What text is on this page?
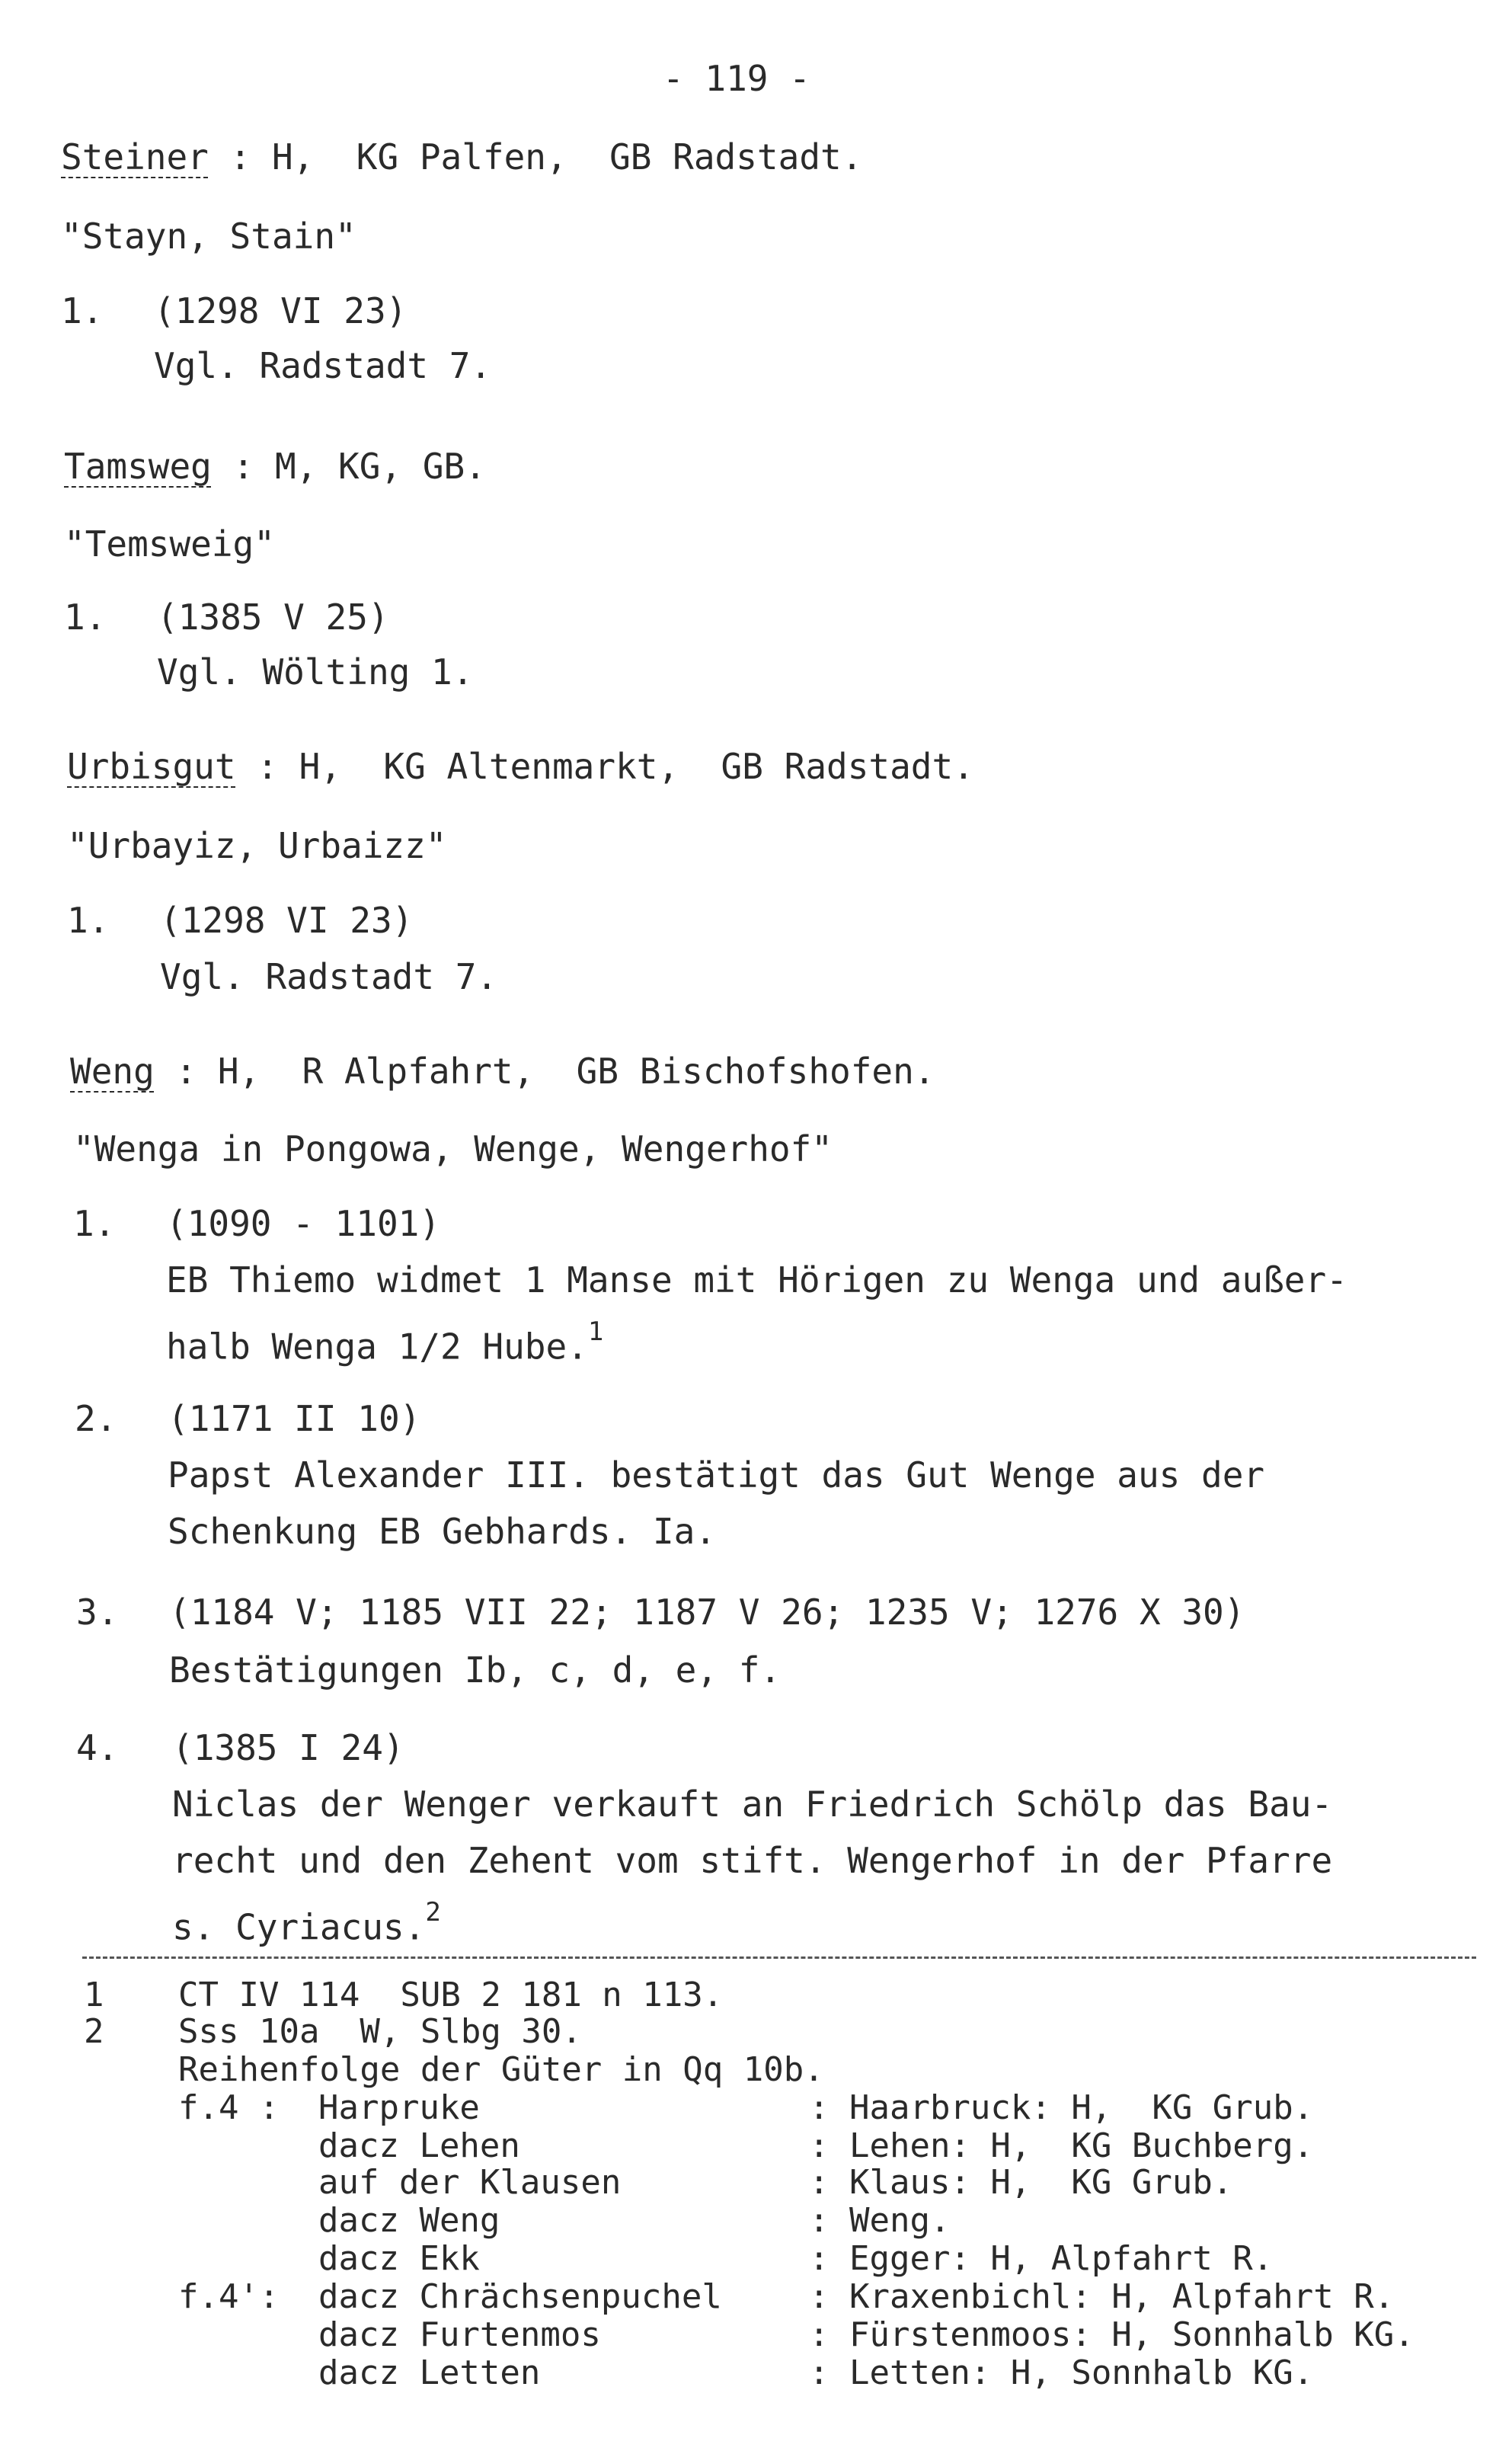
- 119 -
Steiner : H,  KG Palfen,  GB Radstadt.
"Stayn, Stain"
1. (1298 VI 23)
Vgl. Radstadt 7.
Tamsweg : M, KG, GB.
"Temsweig"
1. (1385 V 25)
Vgl. Wölting 1.
Urbisgut : H,  KG Altenmarkt,  GB Radstadt.
"Urbayiz, Urbaizz"
1. (1298 VI 23)
Vgl. Radstadt 7.
Weng : H,  R Alpfahrt,  GB Bischofshofen.
"Wenga in Pongowa, Wenge, Wengerhof"
1. (1090 - 1101)
EB Thiemo widmet 1 Manse mit Hörigen zu Wenga und außer-
halb Wenga 1/2 Hube.$^1$
2. (1171 II 10)
Papst Alexander III. bestätigt das Gut Wenge aus der
Schenkung EB Gebhards. Ia.
3. (1184 V; 1185 VII 22; 1187 V 26; 1235 V; 1276 X 30)
Bestätigungen Ib, c, d, e, f.
4. (1385 I 24)
Niclas der Wenger verkauft an Friedrich Schölp das Bau-
recht und den Zehent vom stift. Wengerhof in der Pfarre
s. Cyriacus.$^2$
1 CT IV 114  SUB 2 181 n 113.
2 Sss 10a  W, Slbg 30.
Reihenfolge der Güter in Qq 10b.
f.4 : Harpruke	: Haarbruck: H,  KG Grub.
dacz Lehen	: Lehen: H,  KG Buchberg.
auf der Klausen	: Klaus: H,  KG Grub.
dacz Weng	: Weng.
dacz Ekk	: Egger: H, Alpfahrt R.
f.4': dacz Chrächsenpuchel	: Kraxenbichl: H, Alpfahrt R.
dacz Furtenmos	: Fürstenmoos: H, Sonnhalb KG.
dacz Letten	: Letten: H, Sonnhalb KG.
